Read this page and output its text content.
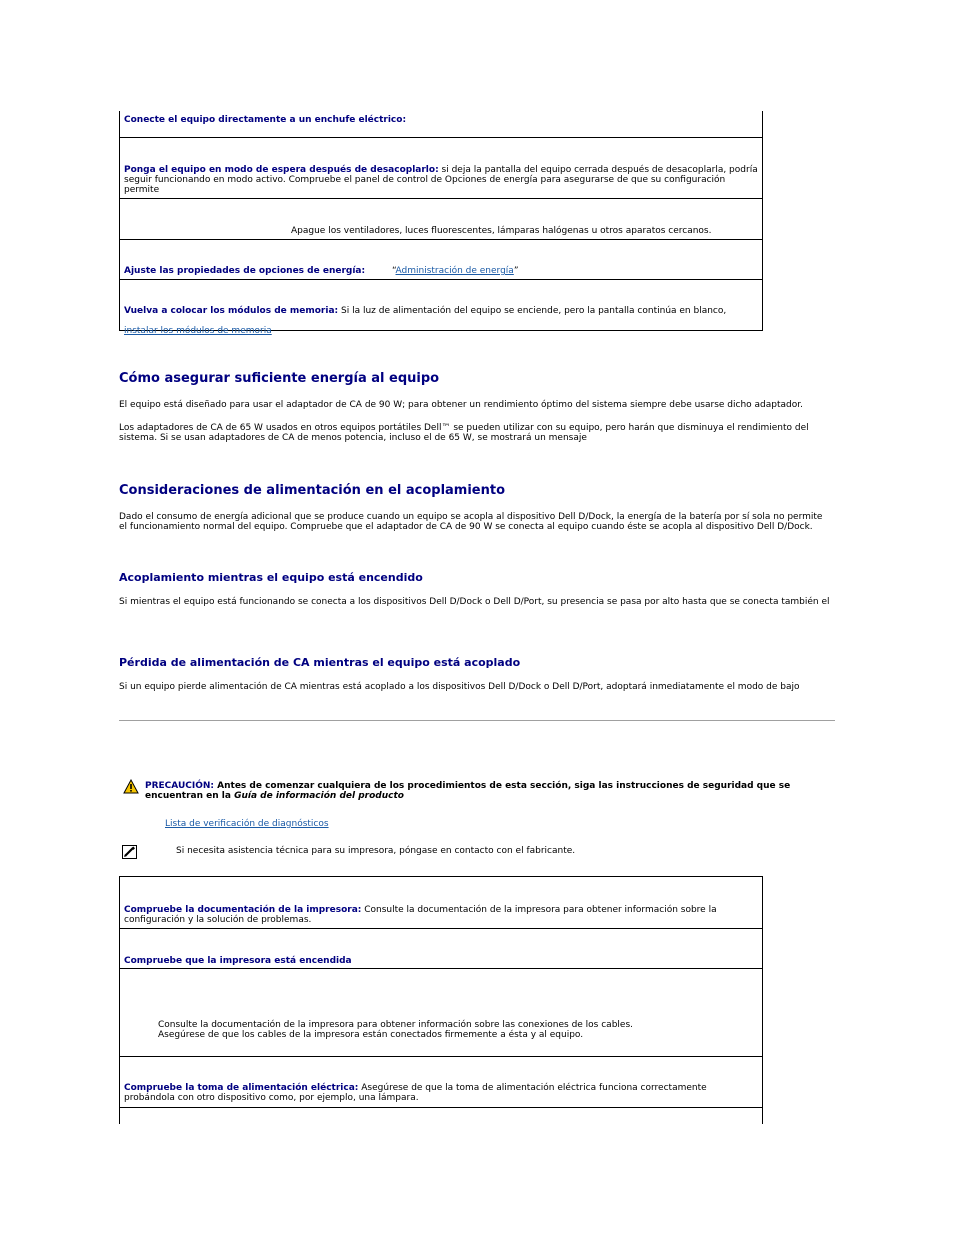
Conecte el equipo directamente a un enchufe eléctrico:
Ponga el equipo en modo de espera después de desacoplarlo: si deja la pantalla del equipo cerrada después de desacoplarla, podría seguir funcionando en modo activo. Compruebe el panel de control de Opciones de energía para asegurarse de que su configuración permite
Apague los ventiladores, luces fluorescentes, lámparas halógenas u otros aparatos cercanos.
Ajuste las propiedades de opciones de energía:	“Administración de energía”
Vuelva a colocar los módulos de memoria: Si la luz de alimentación del equipo se enciende, pero la pantalla continúa en blanco,
instalar los módulos de memoria
Cómo asegurar suficiente energía al equipo
El equipo está diseñado para usar el adaptador de CA de 90 W; para obtener un rendimiento óptimo del sistema siempre debe usarse dicho adaptador.
Los adaptadores de CA de 65 W usados en otros equipos portátiles Dell™ se pueden utilizar con su equipo, pero harán que disminuya el rendimiento del sistema. Si se usan adaptadores de CA de menos potencia, incluso el de 65 W, se mostrará un mensaje
Consideraciones de alimentación en el acoplamiento
Dado el consumo de energía adicional que se produce cuando un equipo se acopla al dispositivo Dell D/Dock, la energía de la batería por sí sola no permite el funcionamiento normal del equipo. Compruebe que el adaptador de CA de 90 W se conecta al equipo cuando éste se acopla al dispositivo Dell D/Dock.
Acoplamiento mientras el equipo está encendido
Si mientras el equipo está funcionando se conecta a los dispositivos Dell D/Dock o Dell D/Port, su presencia se pasa por alto hasta que se conecta también el
Pérdida de alimentación de CA mientras el equipo está acoplado
Si un equipo pierde alimentación de CA mientras está acoplado a los dispositivos Dell D/Dock o Dell D/Port, adoptará inmediatamente el modo de bajo
PRECAUCIÓN: Antes de comenzar cualquiera de los procedimientos de esta sección, siga las instrucciones de seguridad que se encuentran en la Guía de información del producto
Lista de verificación de diagnósticos
Si necesita asistencia técnica para su impresora, póngase en contacto con el fabricante.
Compruebe la documentación de la impresora: Consulte la documentación de la impresora para obtener información sobre la configuración y la solución de problemas.
Compruebe que la impresora está encendida
Consulte la documentación de la impresora para obtener información sobre las conexiones de los cables.
Asegúrese de que los cables de la impresora están conectados firmemente a ésta y al equipo.
Compruebe la toma de alimentación eléctrica: Asegúrese de que la toma de alimentación eléctrica funciona correctamente probándola con otro dispositivo como, por ejemplo, una lámpara.
